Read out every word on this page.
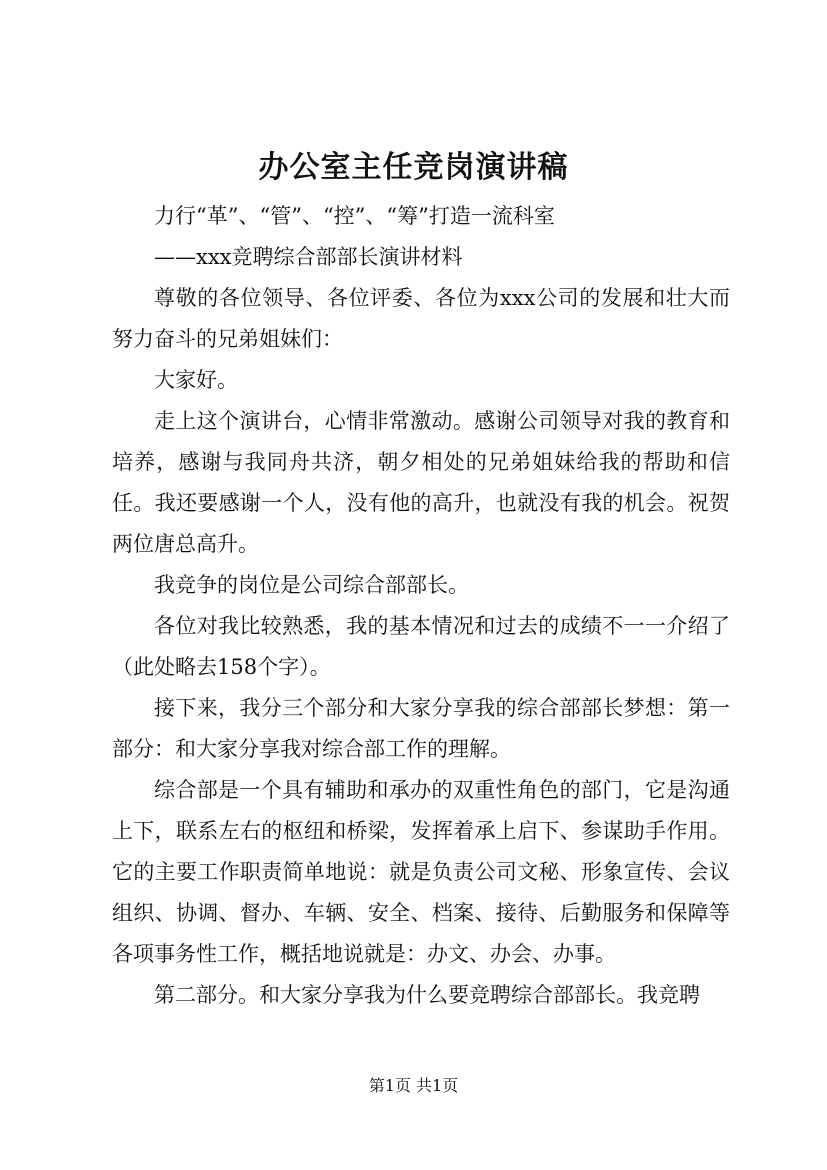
办公室主任竞岗演讲稿

力行“革”、“管”、“控”、“筹”打造一流科室

——xxx竞聘综合部部长演讲材料

尊敬的各位领导、各位评委、各位为xxx公司的发展和壮大而努力奋斗的兄弟姐妹们：

大家好。

走上这个演讲台，心情非常激动。感谢公司领导对我的教育和培养，感谢与我同舟共济，朝夕相处的兄弟姐妹给我的帮助和信任。我还要感谢一个人，没有他的高升，也就没有我的机会。祝贺两位唐总高升。

我竞争的岗位是公司综合部部长。

各位对我比较熟悉，我的基本情况和过去的成绩不一一介绍了（此处略去158个字）。

接下来，我分三个部分和大家分享我的综合部部长梦想：第一部分：和大家分享我对综合部工作的理解。

综合部是一个具有辅助和承办的双重性角色的部门，它是沟通上下，联系左右的枢纽和桥梁，发挥着承上启下、参谋助手作用。它的主要工作职责简单地说：就是负责公司文秘、形象宣传、会议组织、协调、督办、车辆、安全、档案、接待、后勤服务和保障等各项事务性工作，概括地说就是：办文、办会、办事。

第二部分。和大家分享我为什么要竞聘综合部部长。我竞聘

第1页 共1页
